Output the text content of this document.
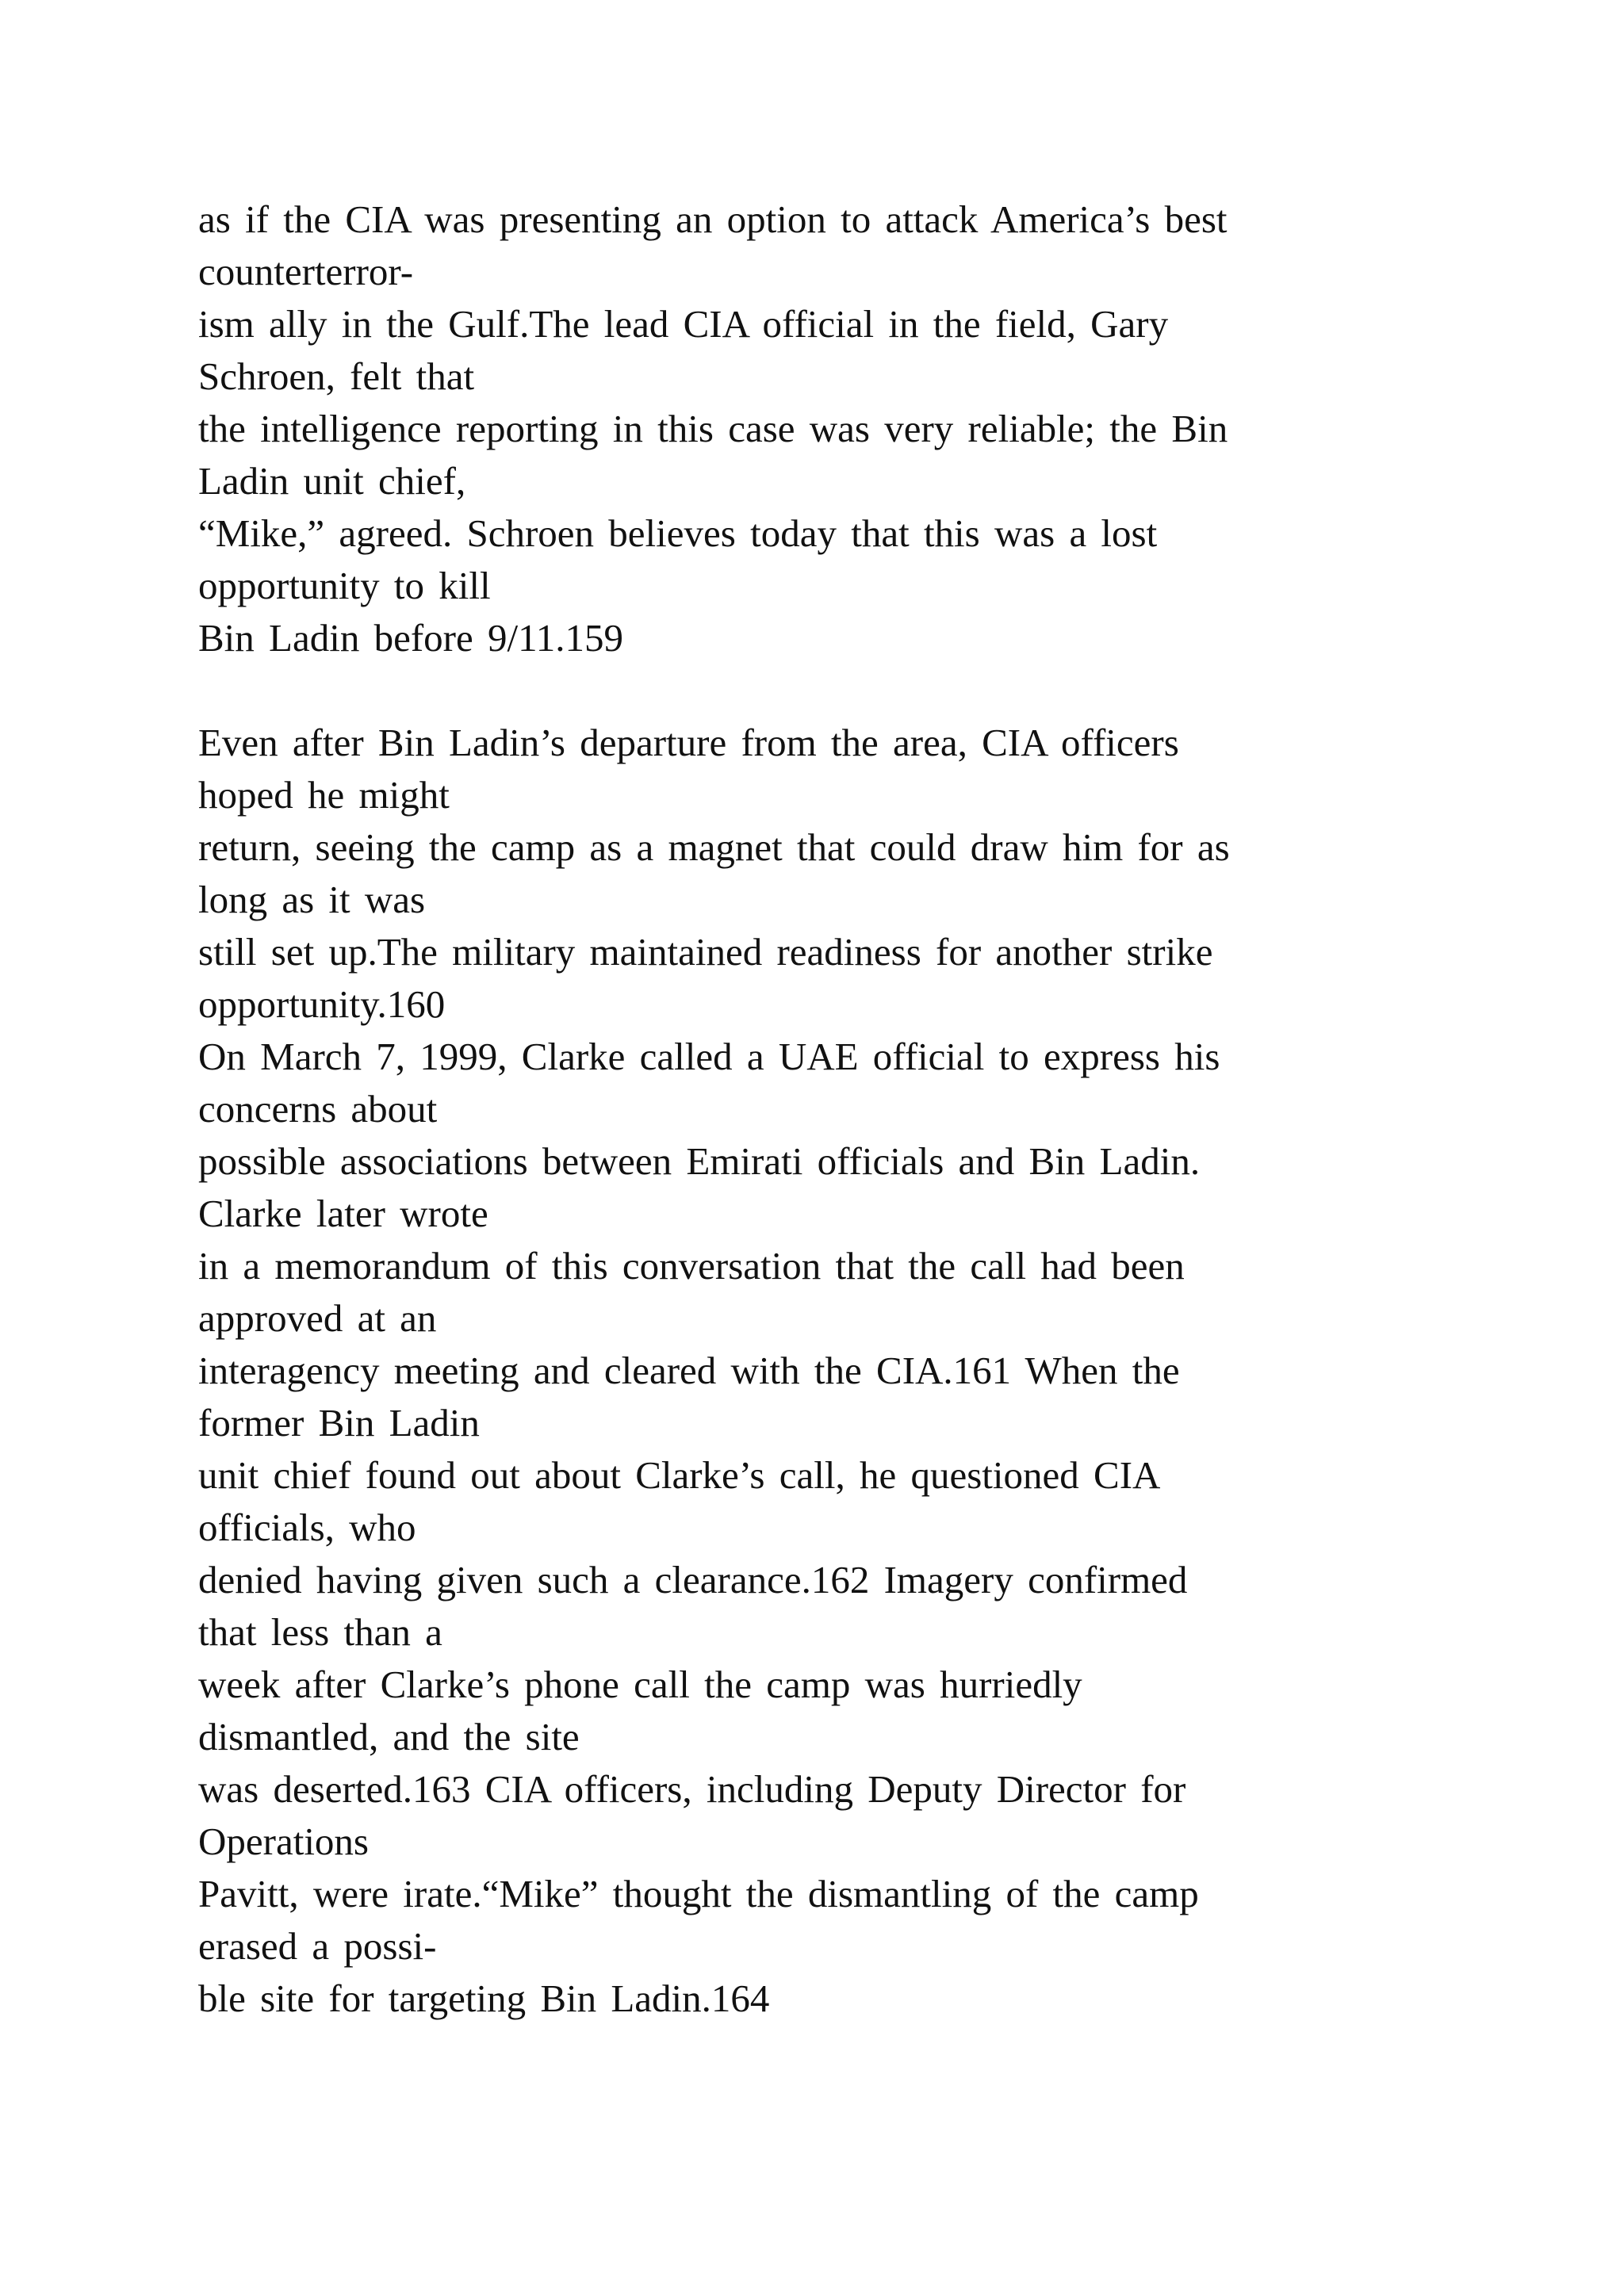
as if the CIA was presenting an option to attack America’s best
counterterror-
ism ally in the Gulf.The lead CIA official in the field, Gary
Schroen, felt that
the intelligence reporting in this case was very reliable; the Bin
Ladin unit chief,
“Mike,” agreed. Schroen believes today that this was a lost
opportunity to kill
Bin Ladin before 9/11.159
Even after Bin Ladin’s departure from the area, CIA officers
hoped he might
return, seeing the camp as a magnet that could draw him for as
long as it was
still set up.The military maintained readiness for another strike
opportunity.160
On March 7, 1999, Clarke called a UAE official to express his
concerns about
possible associations between Emirati officials and Bin Ladin.
Clarke later wrote
in a memorandum of this conversation that the call had been
approved at an
interagency meeting and cleared with the CIA.161 When the
former Bin Ladin
unit chief found out about Clarke’s call, he questioned CIA
officials, who
denied having given such a clearance.162 Imagery confirmed
that less than a
week after Clarke’s phone call the camp was hurriedly
dismantled, and the site
was deserted.163 CIA officers, including Deputy Director for
Operations
Pavitt, were irate.“Mike” thought the dismantling of the camp
erased a possi-
ble site for targeting Bin Ladin.164
